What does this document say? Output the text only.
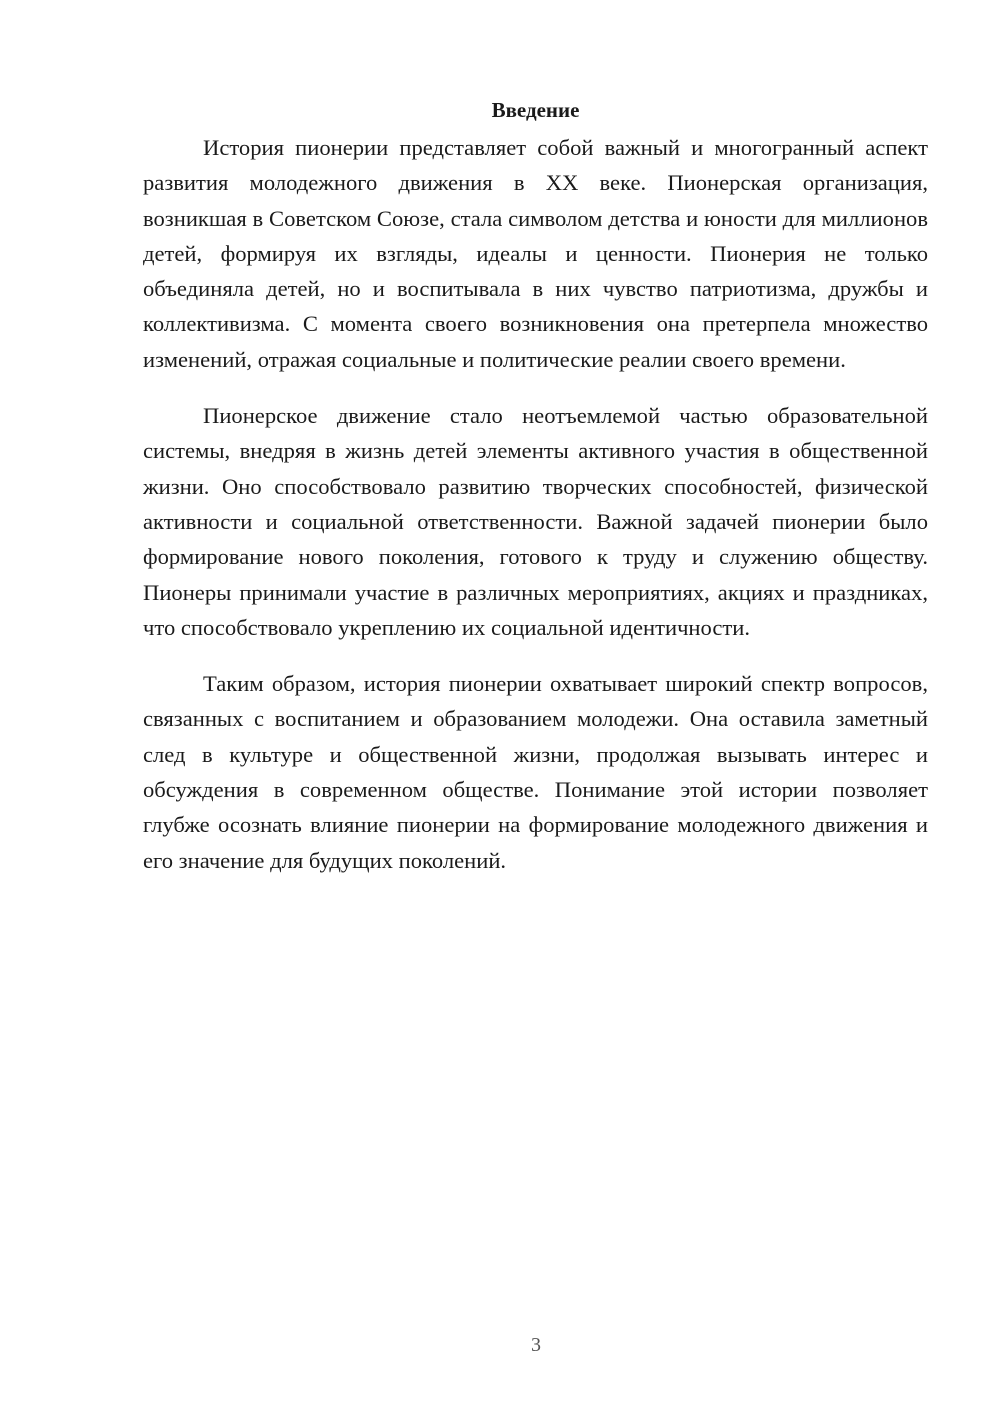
Введение

История пионерии представляет собой важный и многогранный аспект развития молодежного движения в XX веке. Пионерская организация, возникшая в Советском Союзе, стала символом детства и юности для миллионов детей, формируя их взгляды, идеалы и ценности. Пионерия не только объединяла детей, но и воспитывала в них чувство патриотизма, дружбы и коллективизма. С момента своего возникновения она претерпела множество изменений, отражая социальные и политические реалии своего времени.

Пионерское движение стало неотъемлемой частью образовательной системы, внедряя в жизнь детей элементы активного участия в общественной жизни. Оно способствовало развитию творческих способностей, физической активности и социальной ответственности. Важной задачей пионерии было формирование нового поколения, готового к труду и служению обществу. Пионеры принимали участие в различных мероприятиях, акциях и праздниках, что способствовало укреплению их социальной идентичности.

Таким образом, история пионерии охватывает широкий спектр вопросов, связанных с воспитанием и образованием молодежи. Она оставила заметный след в культуре и общественной жизни, продолжая вызывать интерес и обсуждения в современном обществе. Понимание этой истории позволяет глубже осознать влияние пионерии на формирование молодежного движения и его значение для будущих поколений.

3
